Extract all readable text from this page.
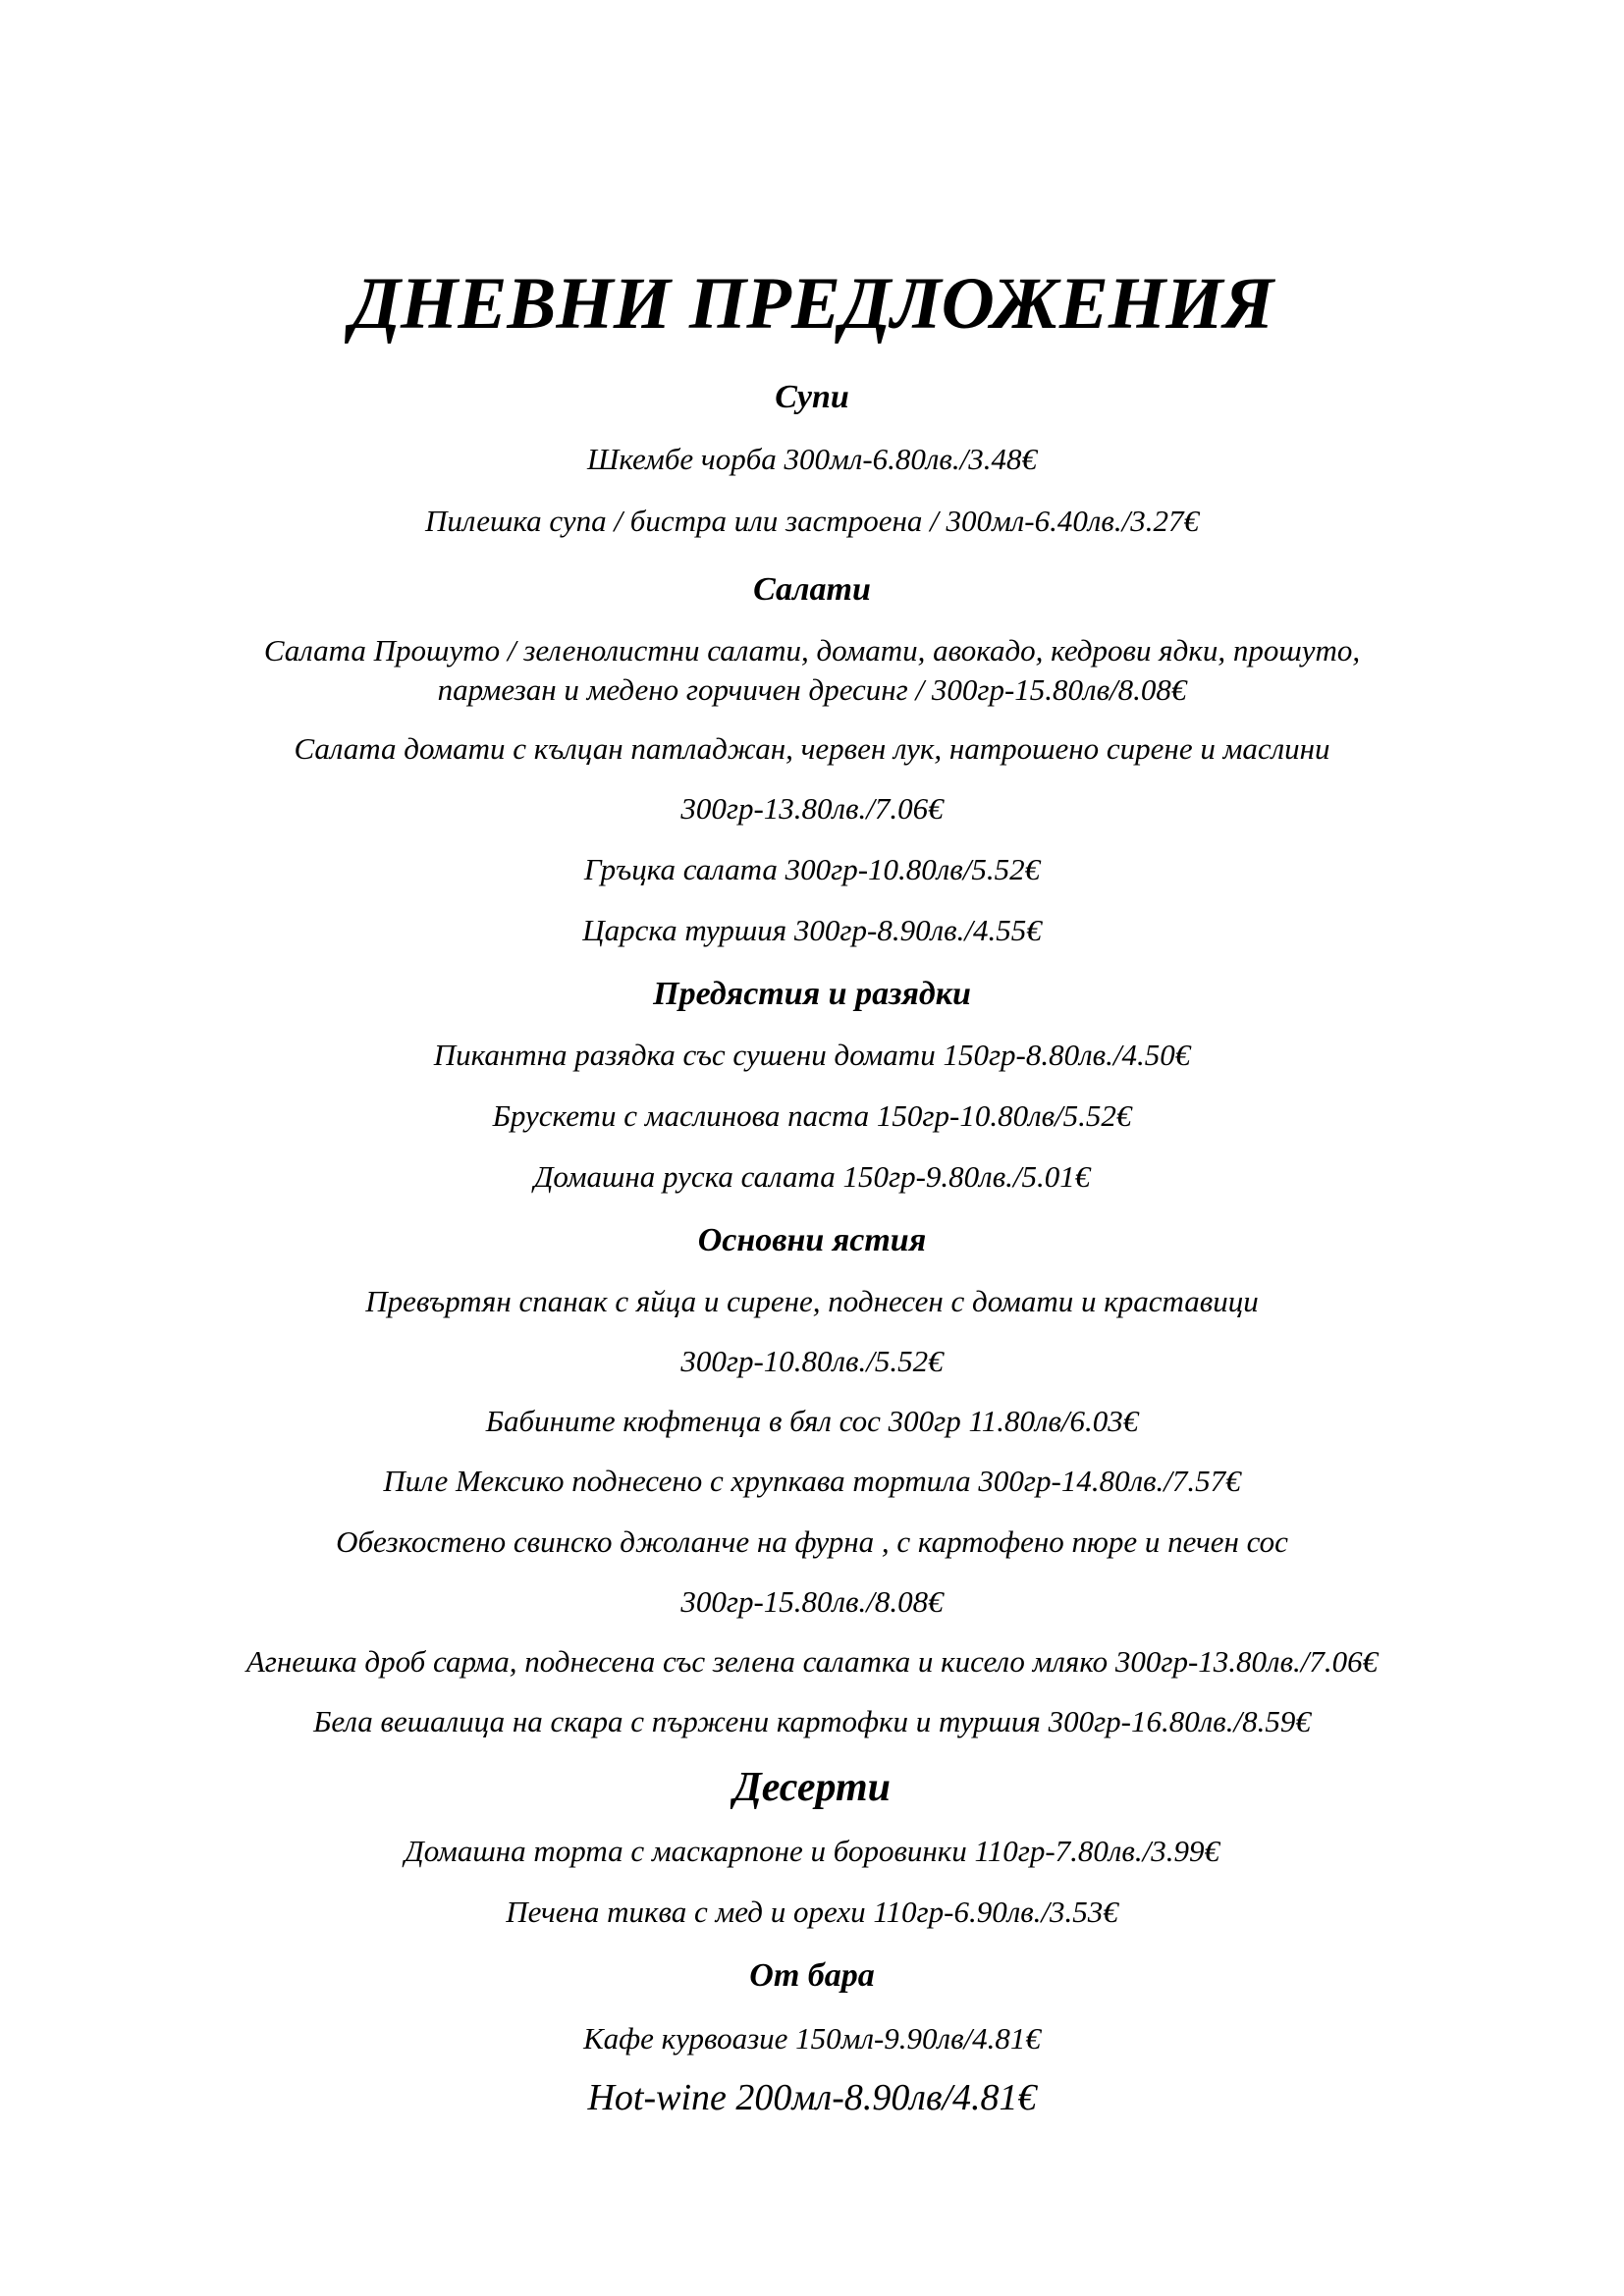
ДНЕВНИ ПРЕДЛОЖЕНИЯ
Супи
Шкембе чорба 300мл-6.80лв./3.48€
Пилешка супа / бистра или застроена / 300мл-6.40лв./3.27€
Салати
Салата Прошуто / зеленолистни салати, домати, авокадо, кедрови ядки, прошуто,
пармезан и медено горчичен дресинг / 300гр-15.80лв/8.08€
Салата домати с кълцан патладжан, червен лук, натрошено сирене и маслини
300гр-13.80лв./7.06€
Гръцка салата 300гр-10.80лв/5.52€
Царска туршия 300гр-8.90лв./4.55€
Предястия и разядки
Пикантна разядка със сушени домати 150гр-8.80лв./4.50€
Брускети с маслинова паста 150гр-10.80лв/5.52€
Домашна руска салата 150гр-9.80лв./5.01€
Основни ястия
Превъртян спанак с яйца и сирене, поднесен с домати и краставици
300гр-10.80лв./5.52€
Бабините кюфтенца в бял сос 300гр 11.80лв/6.03€
Пиле Мексико поднесено с хрупкава тортила 300гр-14.80лв./7.57€
Обезкостено свинско джоланче на фурна , с картофено пюре и печен сос
300гр-15.80лв./8.08€
Агнешка дроб сарма, поднесена със зелена салатка и кисело мляко 300гр-13.80лв./7.06€
Бела вешалица на скара с пържени картофки и туршия 300гр-16.80лв./8.59€
Десерти
Домашна торта с маскарпоне и боровинки 110гр-7.80лв./3.99€
Печена тиква с мед и орехи 110гр-6.90лв./3.53€
От бара
Кафе курвоазие 150мл-9.90лв/4.81€
Hot-wine 200мл-8.90лв/4.81€
